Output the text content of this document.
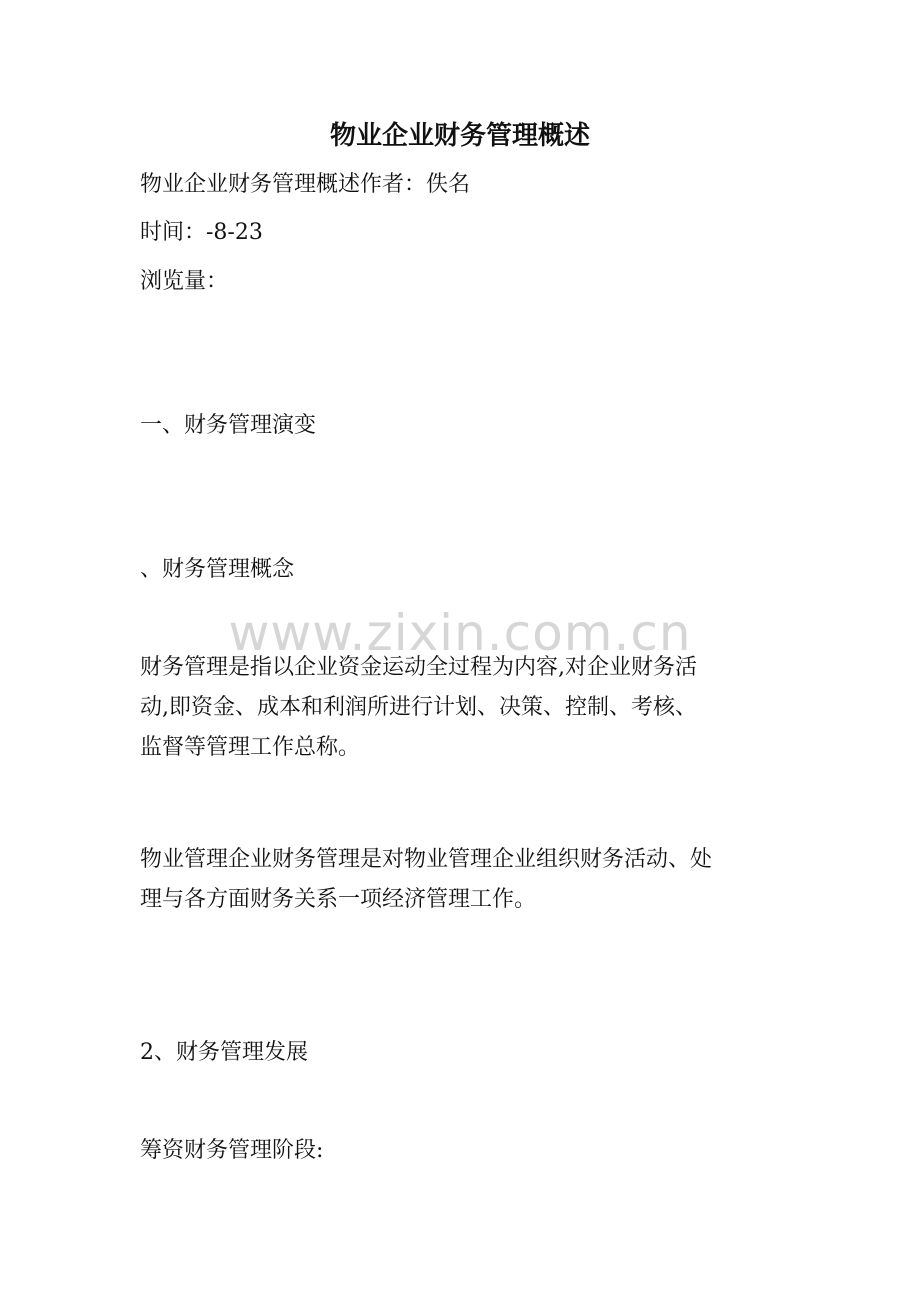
物业企业财务管理概述
物业企业财务管理概述作者：佚名
时间：-8-23
浏览量：
一、财务管理演变
、财务管理概念
财务管理是指以企业资金运动全过程为内容,对企业财务活
动,即资金、成本和利润所进行计划、决策、控制、考核、
监督等管理工作总称。
物业管理企业财务管理是对物业管理企业组织财务活动、处
理与各方面财务关系一项经济管理工作。
2、财务管理发展
筹资财务管理阶段:
www.zixin.com.cn
